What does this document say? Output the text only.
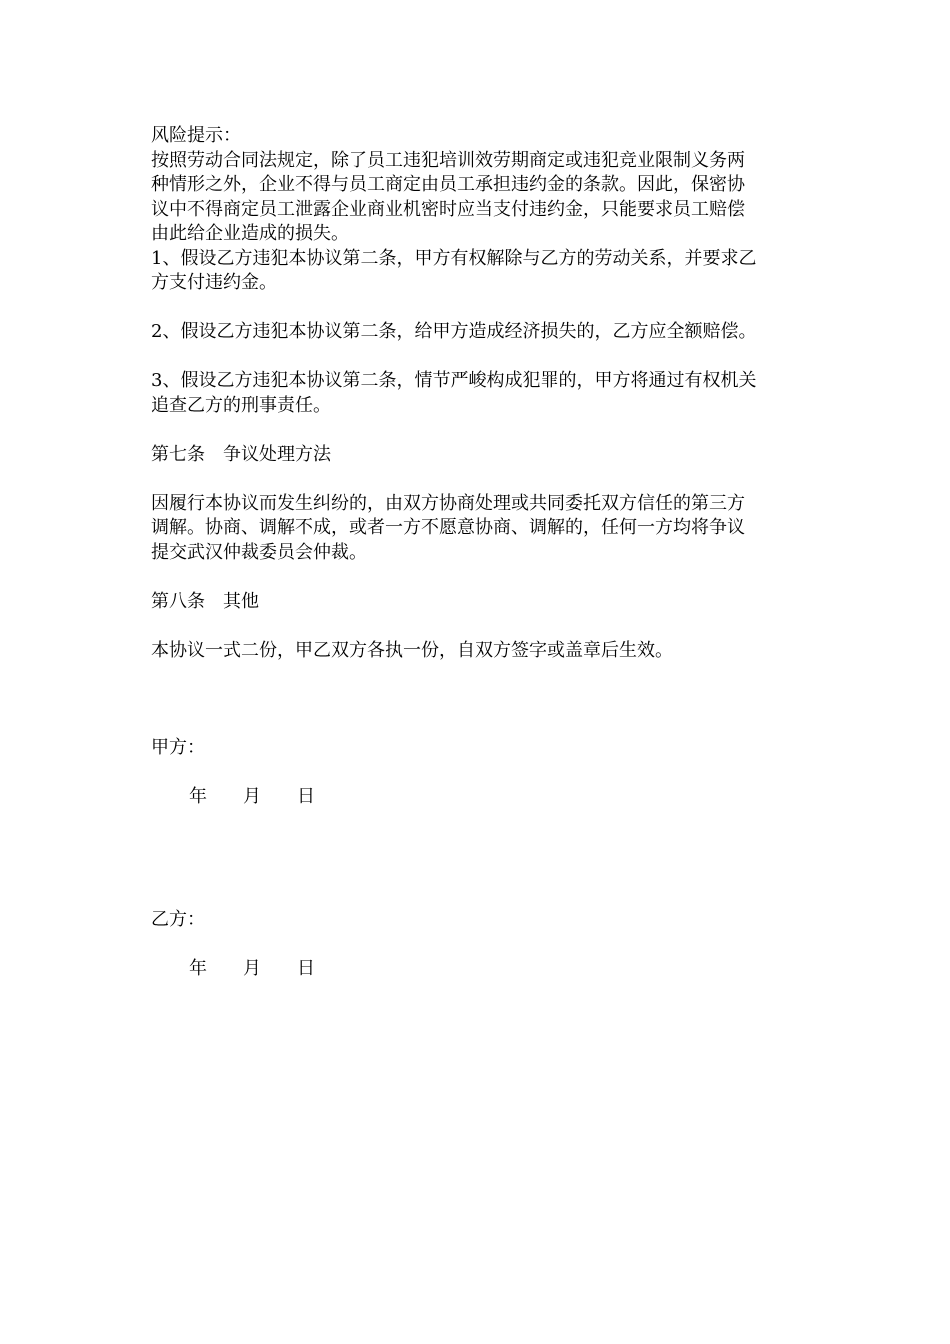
风险提示：
按照劳动合同法规定，除了员工违犯培训效劳期商定或违犯竞业限制义务两
种情形之外，企业不得与员工商定由员工承担违约金的条款。因此，保密协
议中不得商定员工泄露企业商业机密时应当支付违约金，只能要求员工赔偿
由此给企业造成的损失。
1、假设乙方违犯本协议第二条，甲方有权解除与乙方的劳动关系，并要求乙
方支付违约金。
2、假设乙方违犯本协议第二条，给甲方造成经济损失的，乙方应全额赔偿。
3、假设乙方违犯本协议第二条，情节严峻构成犯罪的，甲方将通过有权机关
追查乙方的刑事责任。
第七条　争议处理方法
因履行本协议而发生纠纷的，由双方协商处理或共同委托双方信任的第三方
调解。协商、调解不成，或者一方不愿意协商、调解的，任何一方均将争议
提交武汉仲裁委员会仲裁。
第八条　其他
本协议一式二份，甲乙双方各执一份，自双方签字或盖章后生效。
甲方：
年　　月　　日
乙方：
年　　月　　日
